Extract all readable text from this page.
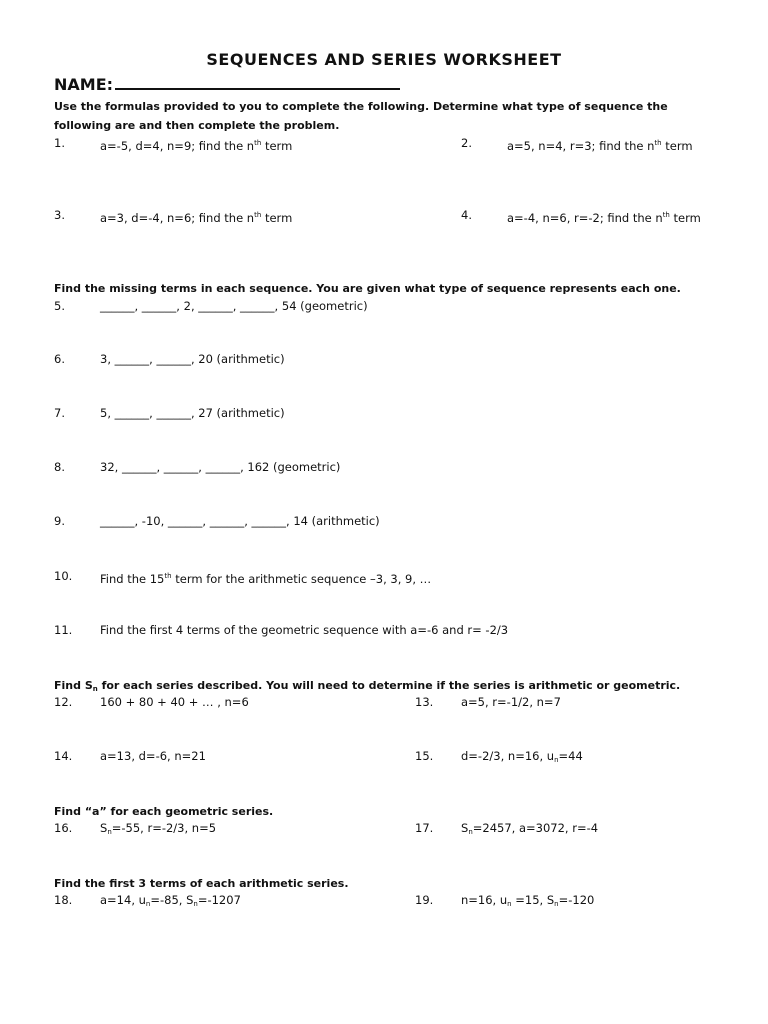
SEQUENCES AND SERIES WORKSHEET
NAME:
Use the formulas provided to you to complete the following. Determine what type of sequence the
following are and then complete the problem.
1.	a=-5, d=4, n=9; find the $n^{th}$ term	2.	a=5, n=4, r=3; find the $n^{th}$ term
3.	a=3, d=-4, n=6; find the $n^{th}$ term	4.	a=-4, n=6, r=-2; find the $n^{th}$ term
Find the missing terms in each sequence. You are given what type of sequence represents each one.
5.	______, ______, 2, ______, ______, 54 (geometric)
6.	3, ______, ______, 20 (arithmetic)
7.	5, ______, ______, 27 (arithmetic)
8.	32, ______, ______, ______, 162 (geometric)
9.	______, -10, ______, ______, ______, 14 (arithmetic)
10. Find the 15th term for the arithmetic sequence –3, 3, 9, …
11. Find the first 4 terms of the geometric sequence with a=-6 and r= -2/3
Find $S_n$ for each series described. You will need to determine if the series is arithmetic or geometric.
12. 160 + 80 + 40 + … , n=6	13. a=5, r=-1/2, n=7
14. a=13, d=-6, n=21	15. d=-2/3, n=16, $u_n=44$
Find “a” for each geometric series.
16. $S_n=-55$, r=-2/3, n=5	17. $S_n=2457$, a=3072, r=-4
Find the first 3 terms of each arithmetic series.
18. a=14, $u_n=-85$, $S_n=-1207$	19. n=16, $u_n =15$, $S_n=-120$
